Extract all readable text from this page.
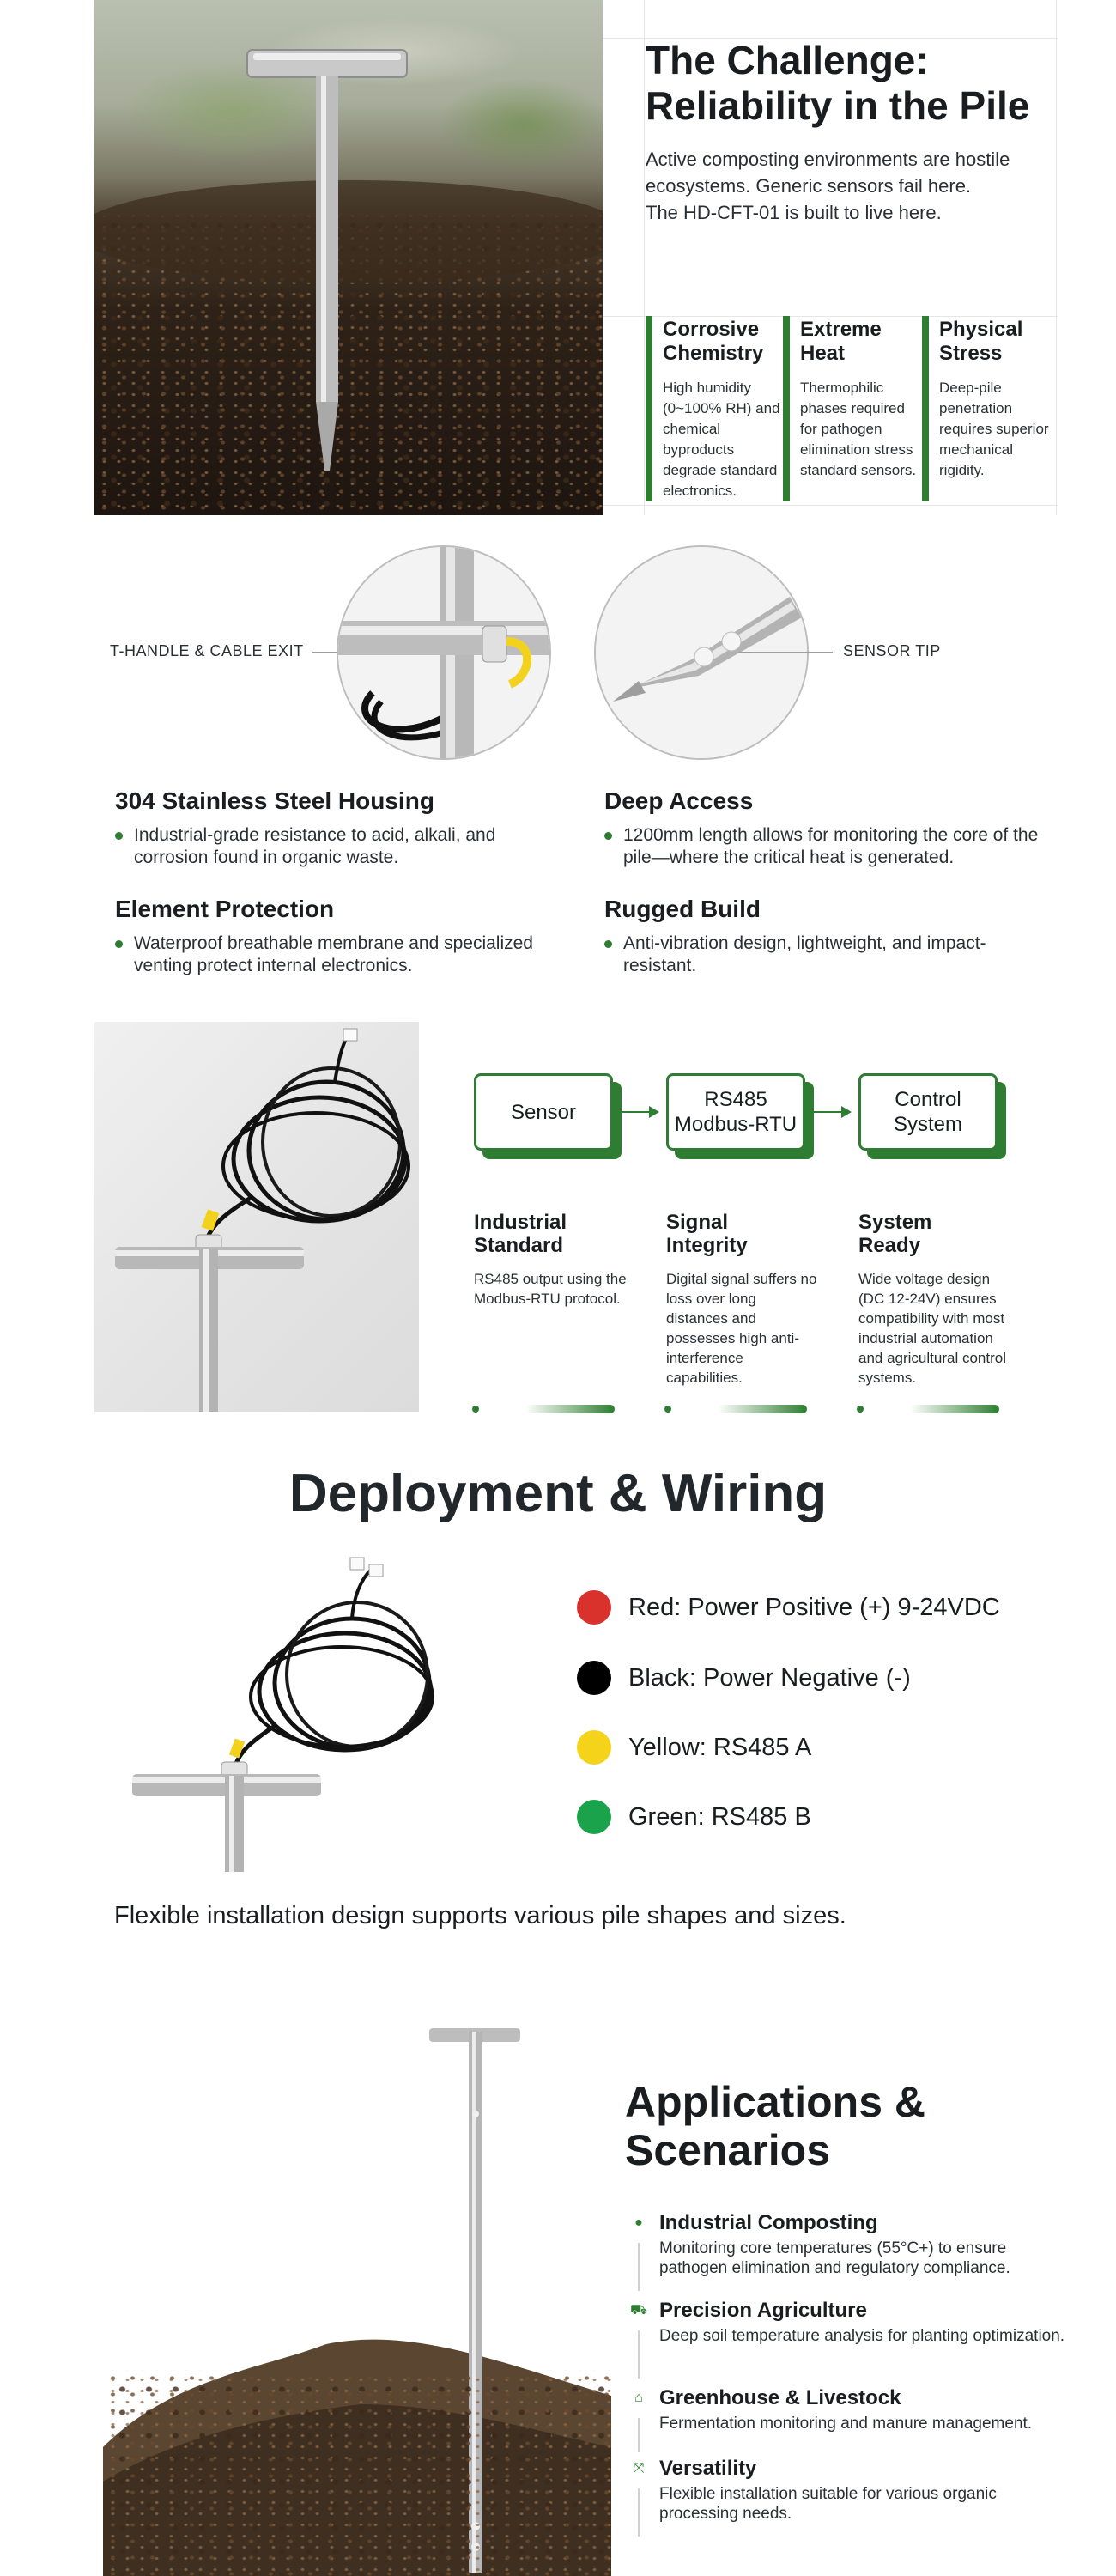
The Challenge:
Reliability in the Pile
Active composting environments are hostile
ecosystems. Generic sensors fail here.
The HD-CFT-01 is built to live here.
Corrosive
Chemistry

High humidity (0~100% RH) and chemical byproducts degrade standard electronics.

Extreme
Heat

Thermophilic phases required for pathogen elimination stress standard sensors.

Physical
Stress

Deep-pile penetration requires superior mechanical rigidity.

T-HANDLE & CABLE EXIT	SENSOR TIP
304 Stainless Steel Housing

Industrial-grade resistance to acid, alkali, and corrosion found in organic waste.

Deep Access

1200mm length allows for monitoring the core of the pile—where the critical heat is generated.

Element Protection

Waterproof breathable membrane and specialized venting protect internal electronics.

Rugged Build

Anti-vibration design, lightweight, and impact-resistant.

Sensor
RS485
Modbus-RTU
Control
System
Industrial
Standard

RS485 output using the Modbus-RTU protocol.

Signal
Integrity

Digital signal suffers no loss over long distances and possesses high anti-interference capabilities.

System
Ready

Wide voltage design (DC 12-24V) ensures compatibility with most industrial automation and agricultural control systems.

Deployment & Wiring
Red: Power Positive (+) 9-24VDC
Black: Power Negative (-)
Yellow: RS485 A
Green: RS485 B
Flexible installation design supports various pile shapes and sizes.
Applications &
Scenarios
● Industrial Composting

Monitoring core temperatures (55°C+) to ensure pathogen elimination and regulatory compliance.

⛟ Precision Agriculture

Deep soil temperature analysis for planting optimization.

⌂ Greenhouse & Livestock

Fermentation monitoring and manure management.

⤧ Versatility

Flexible installation suitable for various organic processing needs.
